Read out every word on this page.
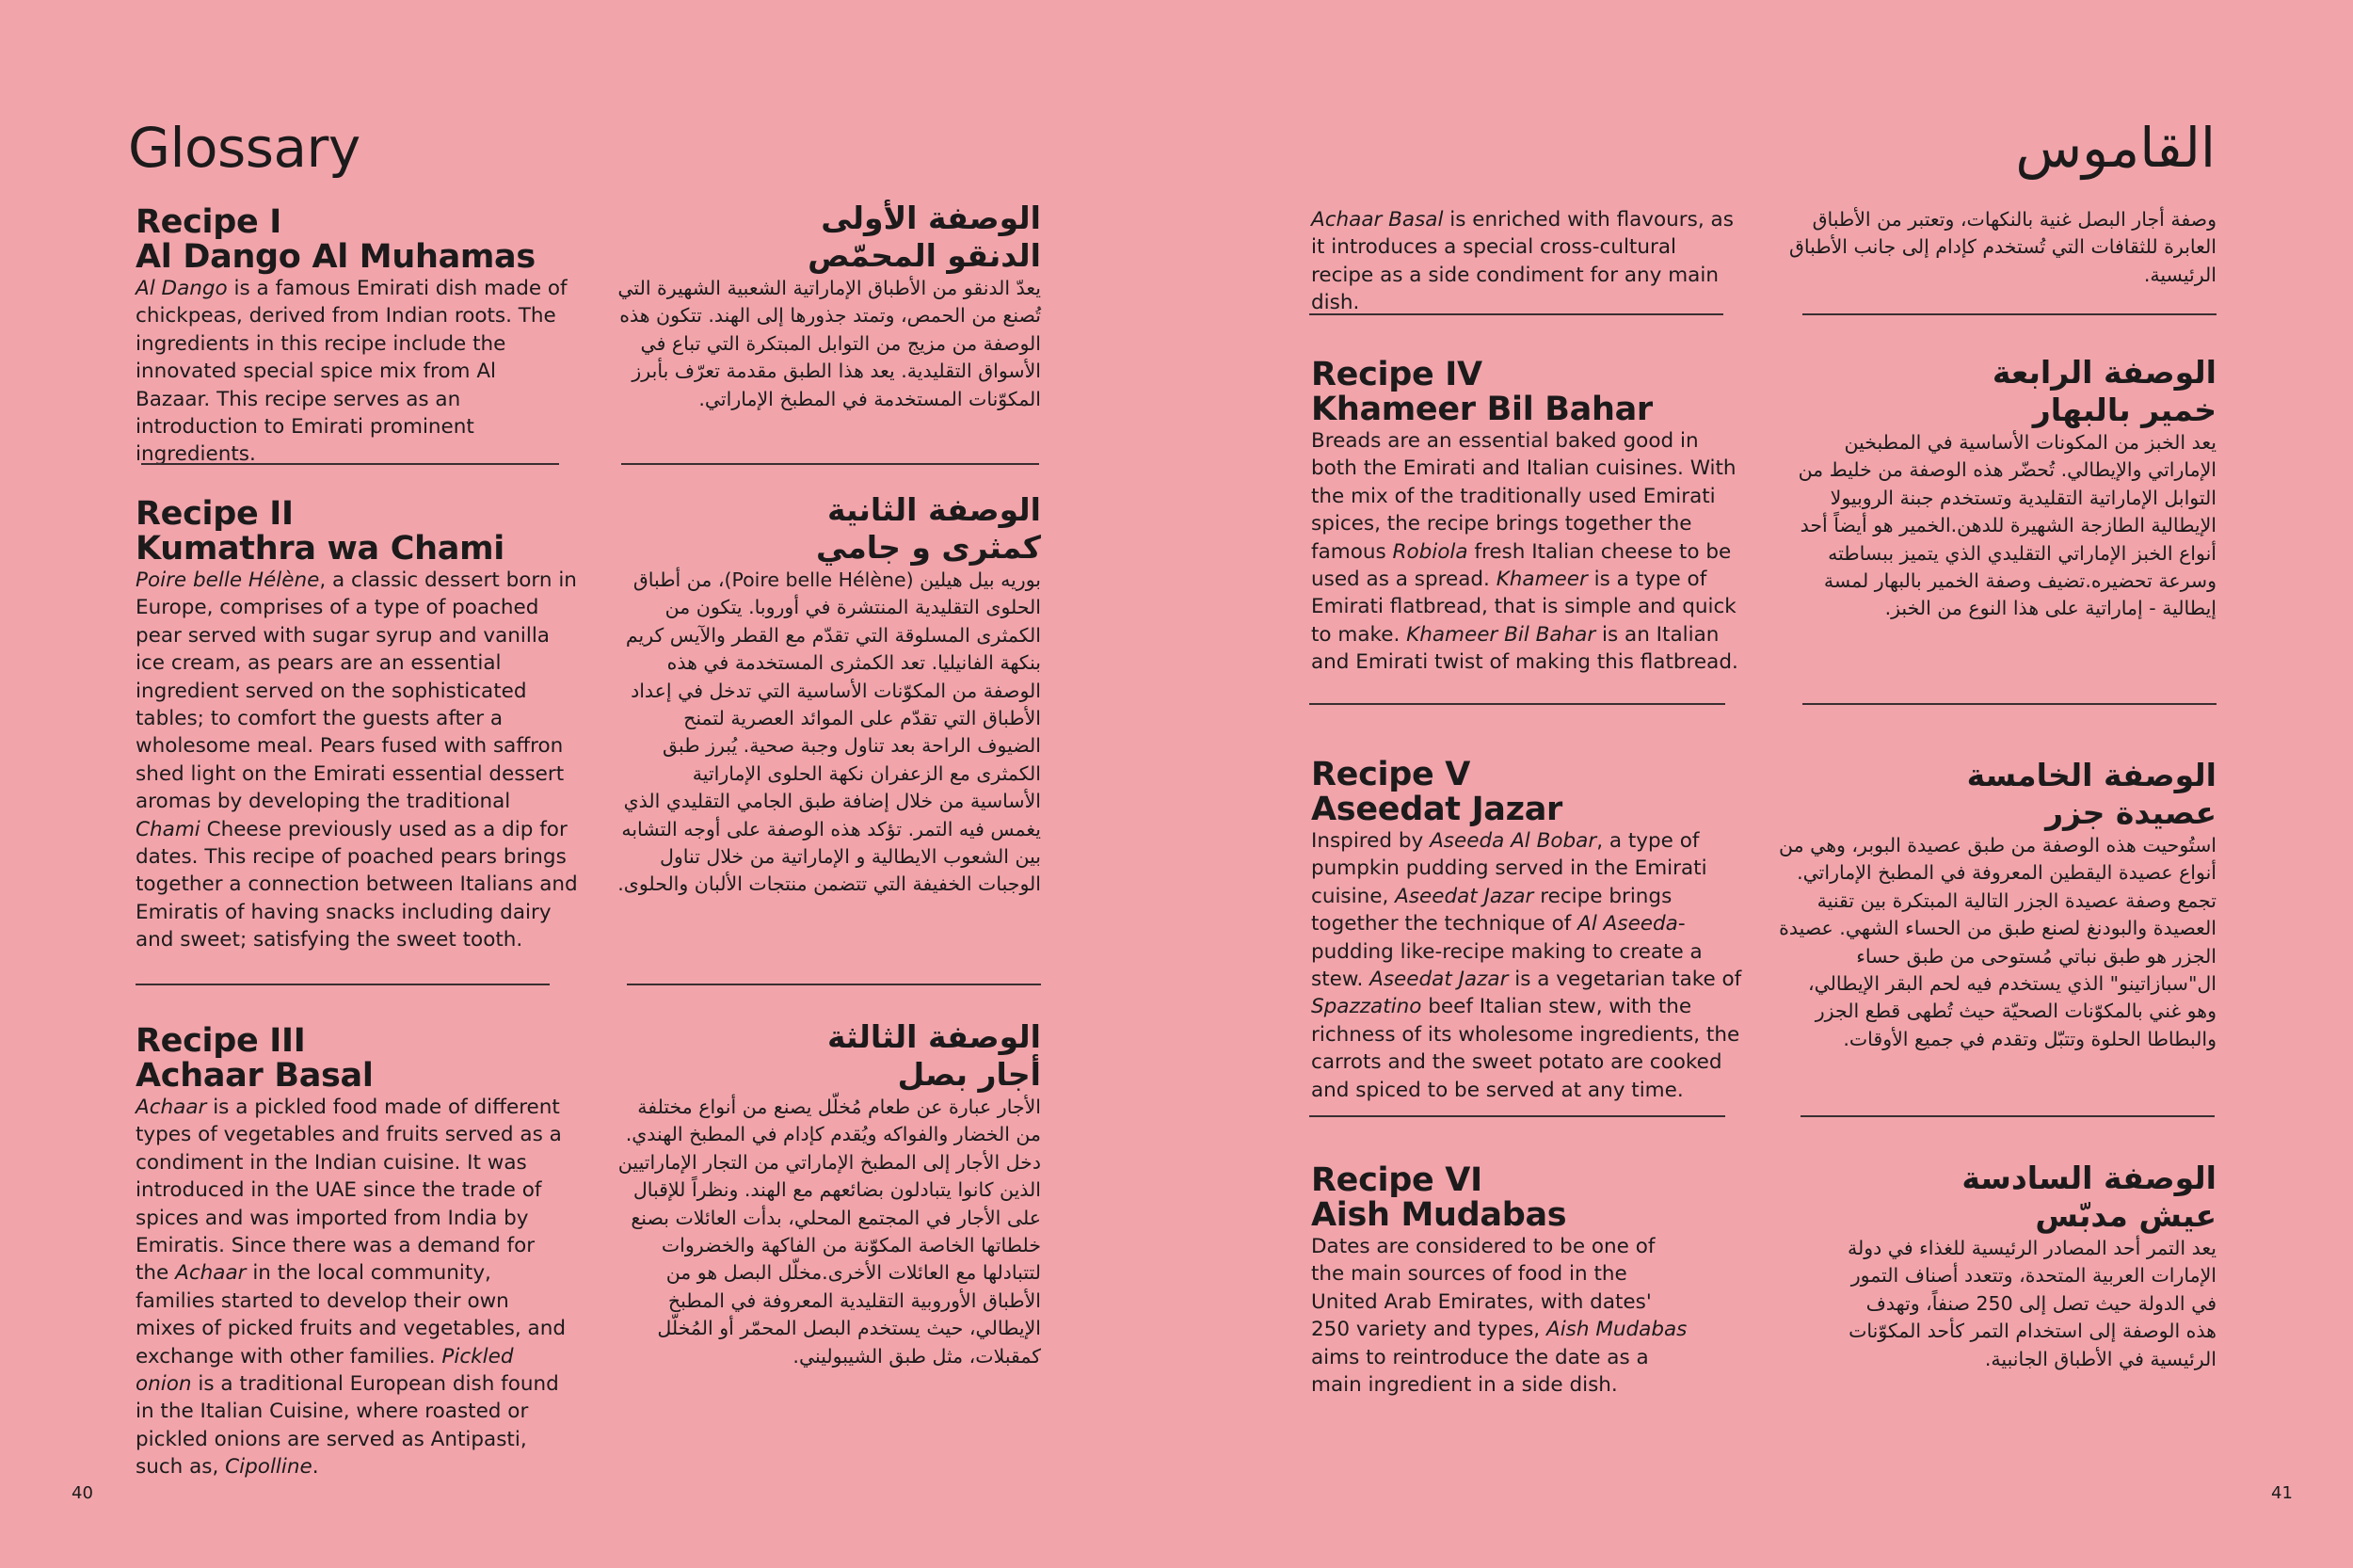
Glossary	القاموس
Recipe I
Al Dango Al Muhamas

Al Dango is a famous Emirati dish made of chickpeas, derived from Indian roots. The ingredients in this recipe include the innovated special spice mix from Al Bazaar. This recipe serves as an introduction to Emirati prominent ingredients.

الوصفة الأولى
الدنقو المحمّص

يعدّ الدنقو من الأطباق الإماراتية الشعبية الشهيرة التي تُصنع من الحمص، وتمتد جذورها إلى الهند. تتكون هذه الوصفة من مزيج من التوابل المبتكرة التي تباع في الأسواق التقليدية. يعد هذا الطبق مقدمة تعرّف بأبرز المكوّنات المستخدمة في المطبخ الإماراتي.

Recipe II
Kumathra wa Chami

Poire belle Hélène, a classic dessert born in Europe, comprises of a type of poached pear served with sugar syrup and vanilla ice cream, as pears are an essential ingredient served on the sophisticated tables; to comfort the guests after a wholesome meal. Pears fused with saffron shed light on the Emirati essential dessert aromas by developing the traditional Chami Cheese previously used as a dip for dates. This recipe of poached pears brings together a connection between Italians and Emiratis of having snacks including dairy and sweet; satisfying the sweet tooth.

الوصفة الثانية
كمثرى و جامي

بوريه بيل هيلين (Poire belle Hélène)، من أطباق الحلوى التقليدية المنتشرة في أوروبا. يتكون من الكمثرى المسلوقة التي تقدّم مع القطر والآيس كريم بنكهة الفانيليا. تعد الكمثرى المستخدمة في هذه الوصفة من المكوّنات الأساسية التي تدخل في إعداد الأطباق التي تقدّم على الموائد العصرية لتمنح الضيوف الراحة بعد تناول وجبة صحية. يُبرز طبق الكمثرى مع الزعفران نكهة الحلوى الإماراتية الأساسية من خلال إضافة طبق الجامي التقليدي الذي يغمس فيه التمر. تؤكد هذه الوصفة على أوجه التشابه بين الشعوب الايطالية و الإماراتية من خلال تناول الوجبات الخفيفة التي تتضمن منتجات الألبان والحلوى.

Recipe III
Achaar Basal

Achaar is a pickled food made of different types of vegetables and fruits served as a condiment in the Indian cuisine. It was introduced in the UAE since the trade of spices and was imported from India by Emiratis. Since there was a demand for the Achaar in the local community, families started to develop their own mixes of picked fruits and vegetables, and exchange with other families. Pickled onion is a traditional European dish found in the Italian Cuisine, where roasted or pickled onions are served as Antipasti, such as, Cipolline.

الوصفة الثالثة
أجار بصل

الأجار عبارة عن طعام مُخلّل يصنع من أنواع مختلفة من الخضار والفواكه ويُقدم كإدام في المطبخ الهندي. دخل الأجار إلى المطبخ الإماراتي من التجار الإماراتيين الذين كانوا يتبادلون بضائعهم مع الهند. ونظراً للإقبال على الأجار في المجتمع المحلي، بدأت العائلات بصنع خلطاتها الخاصة المكوّنة من الفاكهة والخضروات لتتبادلها مع العائلات الأخرى.مخلّل البصل هو من الأطباق الأوروبية التقليدية المعروفة في المطبخ الإيطالي، حيث يستخدم البصل المحمّر أو المُخلّل كمقبلات، مثل طبق الشيبوليني.

Achaar Basal is enriched with flavours, as it introduces a special cross-cultural recipe as a side condiment for any main dish.

وصفة أجار البصل غنية بالنكهات، وتعتبر من الأطباق العابرة للثقافات التي تُستخدم كإدام إلى جانب الأطباق الرئيسية.

Recipe IV
Khameer Bil Bahar

Breads are an essential baked good in both the Emirati and Italian cuisines. With the mix of the traditionally used Emirati spices, the recipe brings together the famous Robiola fresh Italian cheese to be used as a spread. Khameer is a type of Emirati flatbread, that is simple and quick to make. Khameer Bil Bahar is an Italian and Emirati twist of making this flatbread.

الوصفة الرابعة
خمير بالبهار

يعد الخبز من المكونات الأساسية في المطبخين الإماراتي والإيطالي. تُحضّر هذه الوصفة من خليط من التوابل الإماراتية التقليدية وتستخدم جبنة الروبيولا الإيطالية الطازجة الشهيرة للدهن.الخمير هو أيضاً أحد أنواع الخبز الإماراتي التقليدي الذي يتميز ببساطته وسرعة تحضيره.تضيف وصفة الخمير بالبهار لمسة إيطالية - إماراتية على هذا النوع من الخبز.

Recipe V
Aseedat Jazar

Inspired by Aseeda Al Bobar, a type of pumpkin pudding served in the Emirati cuisine, Aseedat Jazar recipe brings together the technique of Al Aseeda- pudding like-recipe making to create a stew. Aseedat Jazar is a vegetarian take of Spazzatino beef Italian stew, with the richness of its wholesome ingredients, the carrots and the sweet potato are cooked and spiced to be served at any time.

الوصفة الخامسة
عصيدة جزر

استُوحيت هذه الوصفة من طبق عصيدة البوبر، وهي من أنواع عصيدة اليقطين المعروفة في المطبخ الإماراتي. تجمع وصفة عصيدة الجزر التالية المبتكرة بين تقنية العصيدة والبودنغ لصنع طبق من الحساء الشهي. عصيدة الجزر هو طبق نباتي مُستوحى من طبق حساء ال"سبازاتينو" الذي يستخدم فيه لحم البقر الإيطالي، وهو غني بالمكوّنات الصحيّة حيث تُطهى قطع الجزر والبطاطا الحلوة وتتبّل وتقدم في جميع الأوقات.

Recipe VI
Aish Mudabas

Dates are considered to be one of the main sources of food in the United Arab Emirates, with dates' 250 variety and types, Aish Mudabas aims to reintroduce the date as a main ingredient in a side dish.

الوصفة السادسة
عيش مدبّس

يعد التمر أحد المصادر الرئيسية للغذاء في دولة الإمارات العربية المتحدة، وتتعدد أصناف التمور في الدولة حيث تصل إلى 250 صنفاً، وتهدف هذه الوصفة إلى استخدام التمر كأحد المكوّنات الرئيسية في الأطباق الجانبية.

40	41
